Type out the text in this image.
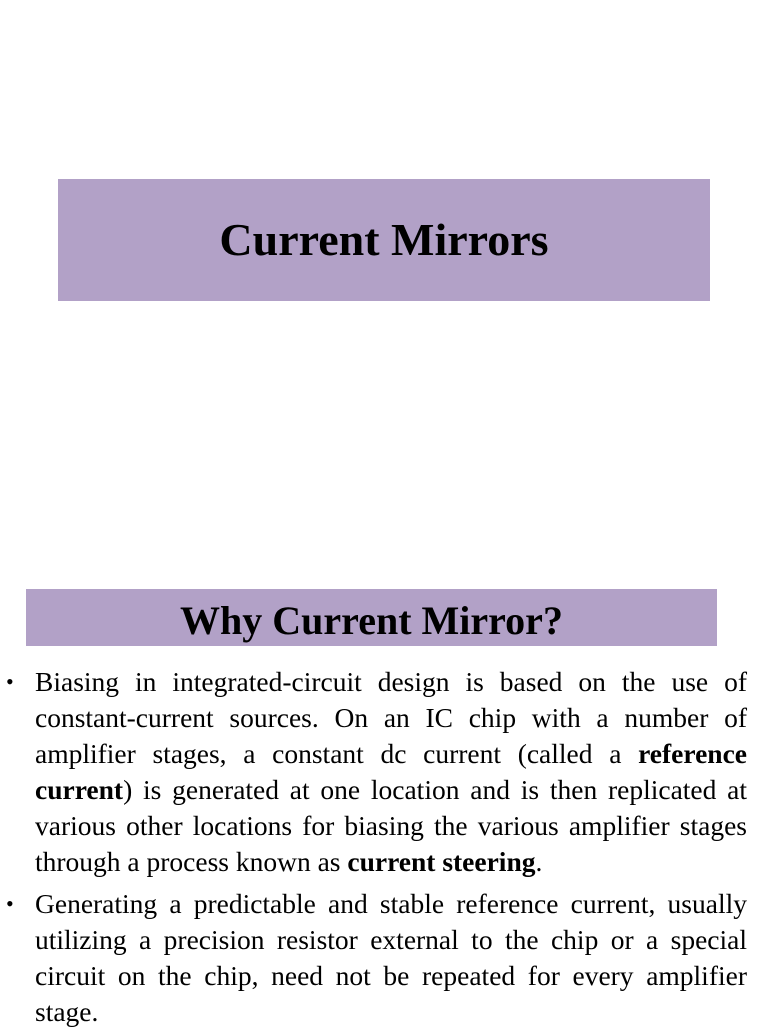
Current Mirrors
Why Current Mirror?
• Biasing in integrated-circuit design is based on the use of constant-current sources. On an IC chip with a number of amplifier stages, a constant dc current (called a reference current) is generated at one location and is then replicated at various other locations for biasing the various amplifier stages through a process known as current steering.
• Generating a predictable and stable reference current, usually utilizing a precision resistor external to the chip or a special circuit on the chip, need not be repeated for every amplifier stage.
